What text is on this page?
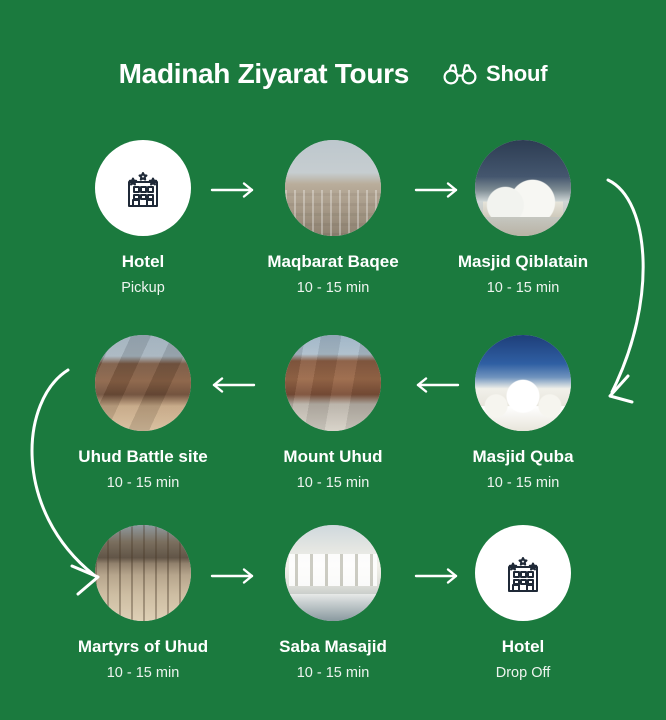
Madinah Ziyarat Tours	Shouf
Hotel
Pickup
Maqbarat Baqee
10 - 15 min
Masjid Qiblatain
10 - 15 min
Uhud Battle site
10 - 15 min
Mount Uhud
10 - 15 min
Masjid Quba
10 - 15 min
Martyrs of Uhud
10 - 15 min
Saba Masajid
10 - 15 min
Hotel
Drop Off
